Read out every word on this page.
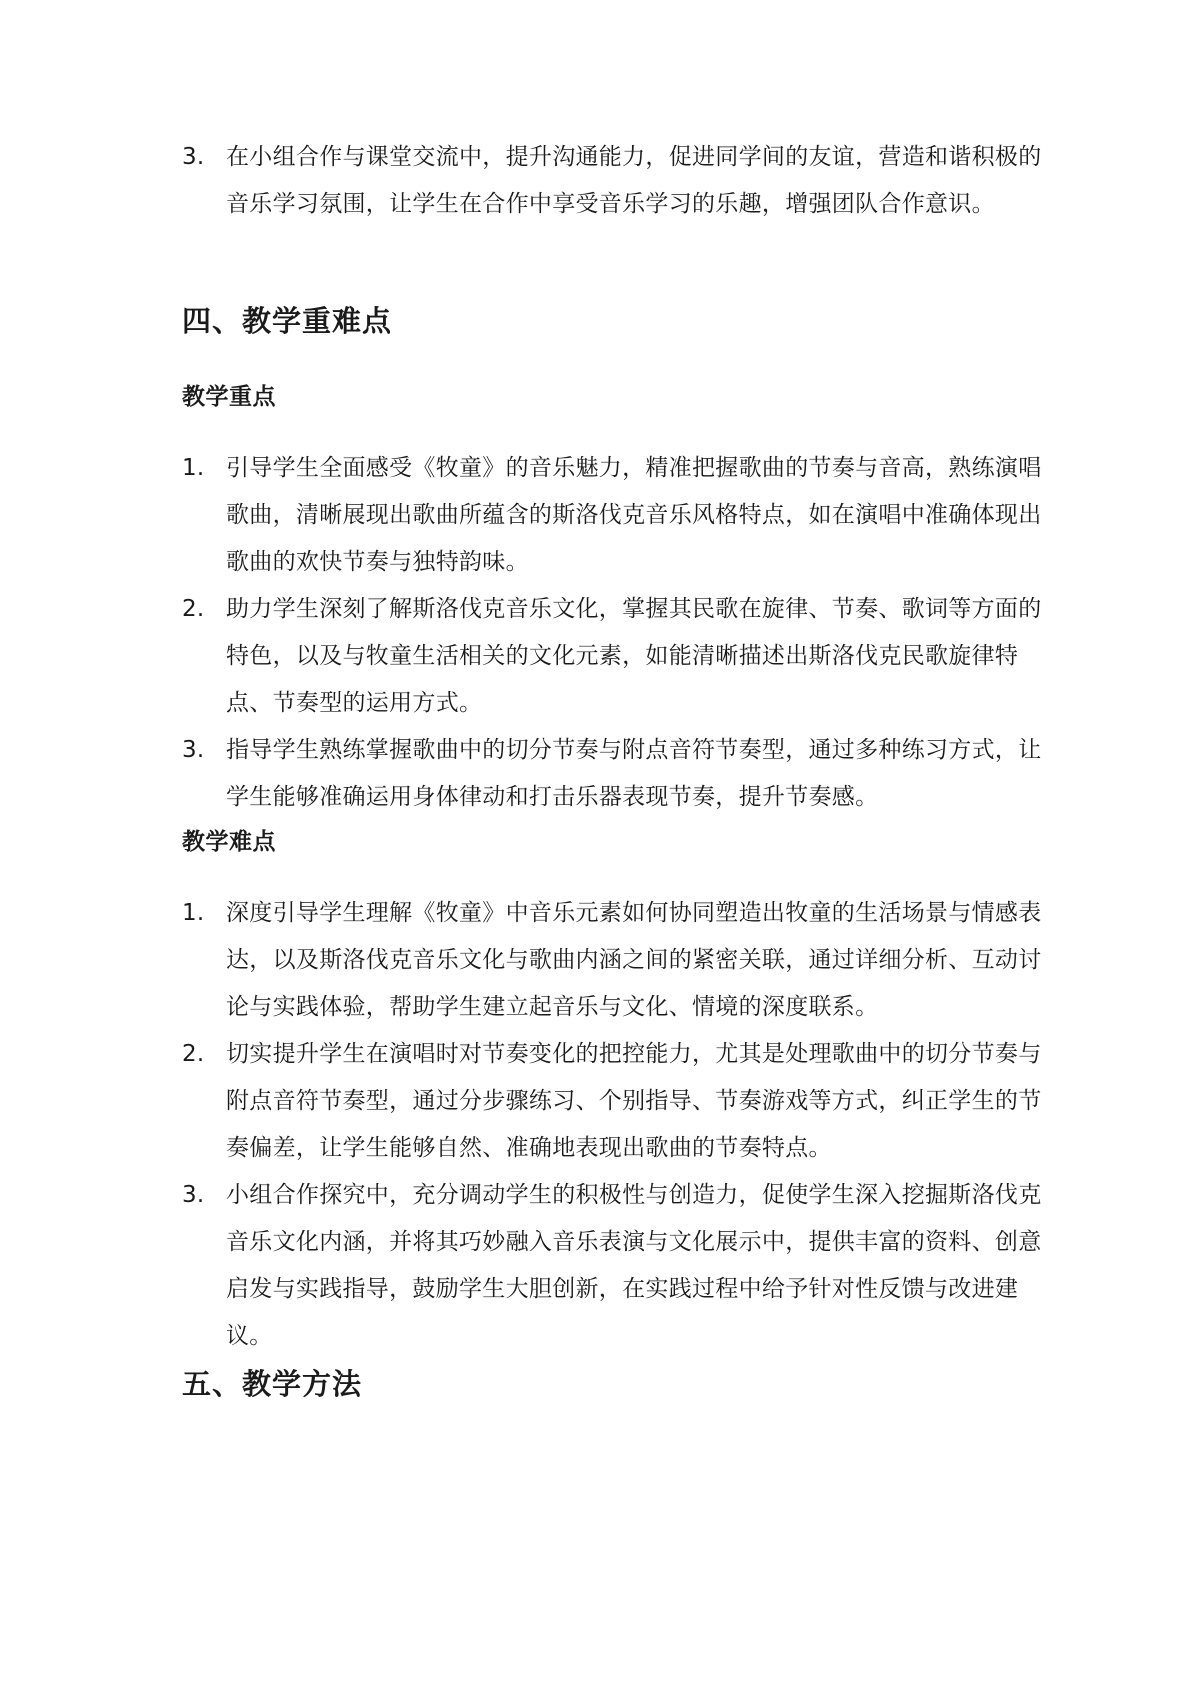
3. 在小组合作与课堂交流中，提升沟通能力，促进同学间的友谊，营造和谐积极的音乐学习氛围，让学生在合作中享受音乐学习的乐趣，增强团队合作意识。
四、教学重难点
教学重点
1. 引导学生全面感受《牧童》的音乐魅力，精准把握歌曲的节奏与音高，熟练演唱歌曲，清晰展现出歌曲所蕴含的斯洛伐克音乐风格特点，如在演唱中准确体现出歌曲的欢快节奏与独特韵味。
2. 助力学生深刻了解斯洛伐克音乐文化，掌握其民歌在旋律、节奏、歌词等方面的特色，以及与牧童生活相关的文化元素，如能清晰描述出斯洛伐克民歌旋律特点、节奏型的运用方式。
3. 指导学生熟练掌握歌曲中的切分节奏与附点音符节奏型，通过多种练习方式，让学生能够准确运用身体律动和打击乐器表现节奏，提升节奏感。
教学难点
1. 深度引导学生理解《牧童》中音乐元素如何协同塑造出牧童的生活场景与情感表达，以及斯洛伐克音乐文化与歌曲内涵之间的紧密关联，通过详细分析、互动讨论与实践体验，帮助学生建立起音乐与文化、情境的深度联系。
2. 切实提升学生在演唱时对节奏变化的把控能力，尤其是处理歌曲中的切分节奏与附点音符节奏型，通过分步骤练习、个别指导、节奏游戏等方式，纠正学生的节奏偏差，让学生能够自然、准确地表现出歌曲的节奏特点。
3. 小组合作探究中，充分调动学生的积极性与创造力，促使学生深入挖掘斯洛伐克音乐文化内涵，并将其巧妙融入音乐表演与文化展示中，提供丰富的资料、创意启发与实践指导，鼓励学生大胆创新，在实践过程中给予针对性反馈与改进建议。
五、教学方法
